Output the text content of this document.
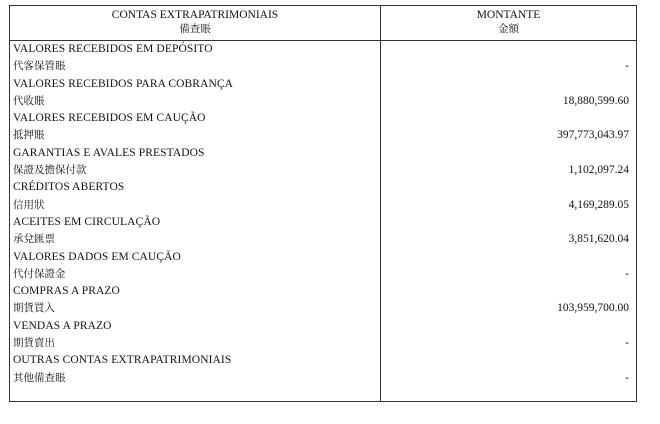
CONTAS EXTRAPATRIMONIAIS
備查賬
MONTANTE
金額
VALORES RECEBIDOS EM DEPÓSITO
代客保管賬	-
VALORES RECEBIDOS PARA COBRANÇA
代收賬	18,880,599.60
VALORES RECEBIDOS EM CAUÇÃO
抵押賬	397,773,043.97
GARANTIAS E AVALES PRESTADOS
保證及擔保付款	1,102,097.24
CRÉDITOS ABERTOS
信用狀	4,169,289.05
ACEITES EM CIRCULAÇÃO
承兌匯票	3,851,620.04
VALORES DADOS EM CAUÇÃO
代付保證金	-
COMPRAS A PRAZO
期貨買入	103,959,700.00
VENDAS A PRAZO
期貨賣出	-
OUTRAS CONTAS EXTRAPATRIMONIAIS
其他備查賬	-
